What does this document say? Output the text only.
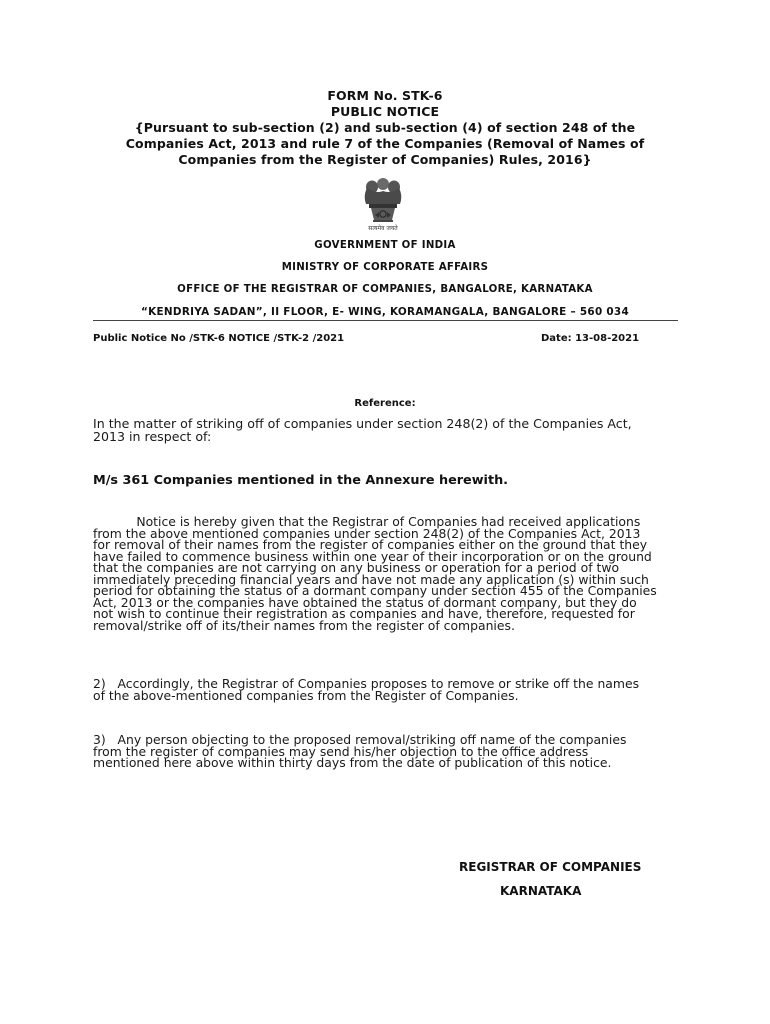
FORM No. STK-6
PUBLIC NOTICE
{Pursuant to sub-section (2) and sub-section (4) of section 248 of the
Companies Act, 2013 and rule 7 of the Companies (Removal of Names of
Companies from the Register of Companies) Rules, 2016}
सत्यमेव जयते
GOVERNMENT OF INDIA
MINISTRY OF CORPORATE AFFAIRS
OFFICE OF THE REGISTRAR OF COMPANIES, BANGALORE, KARNATAKA
“KENDRIYA SADAN”, II FLOOR, E- WING, KORAMANGALA, BANGALORE – 560 034
Public Notice No /STK-6 NOTICE /STK-2 /2021	Date: 13-08-2021
Reference:
In the matter of striking off of companies under section 248(2) of the Companies Act,
2013 in respect of:
M/s 361 Companies mentioned in the Annexure herewith.
Notice is hereby given that the Registrar of Companies had received applications
from the above mentioned companies under section 248(2) of the Companies Act, 2013
for removal of their names from the register of companies either on the ground that they
have failed to commence business within one year of their incorporation or on the ground
that the companies are not carrying on any business or operation for a period of two
immediately preceding financial years and have not made any application (s) within such
period for obtaining the status of a dormant company under section 455 of the Companies
Act, 2013 or the companies have obtained the status of dormant company, but they do
not wish to continue their registration as companies and have, therefore, requested for
removal/strike off of its/their names from the register of companies.
2)   Accordingly, the Registrar of Companies proposes to remove or strike off the names
of the above-mentioned companies from the Register of Companies.
3)   Any person objecting to the proposed removal/striking off name of the companies
from the register of companies may send his/her objection to the office address
mentioned here above within thirty days from the date of publication of this notice.
REGISTRAR OF COMPANIES
KARNATAKA
